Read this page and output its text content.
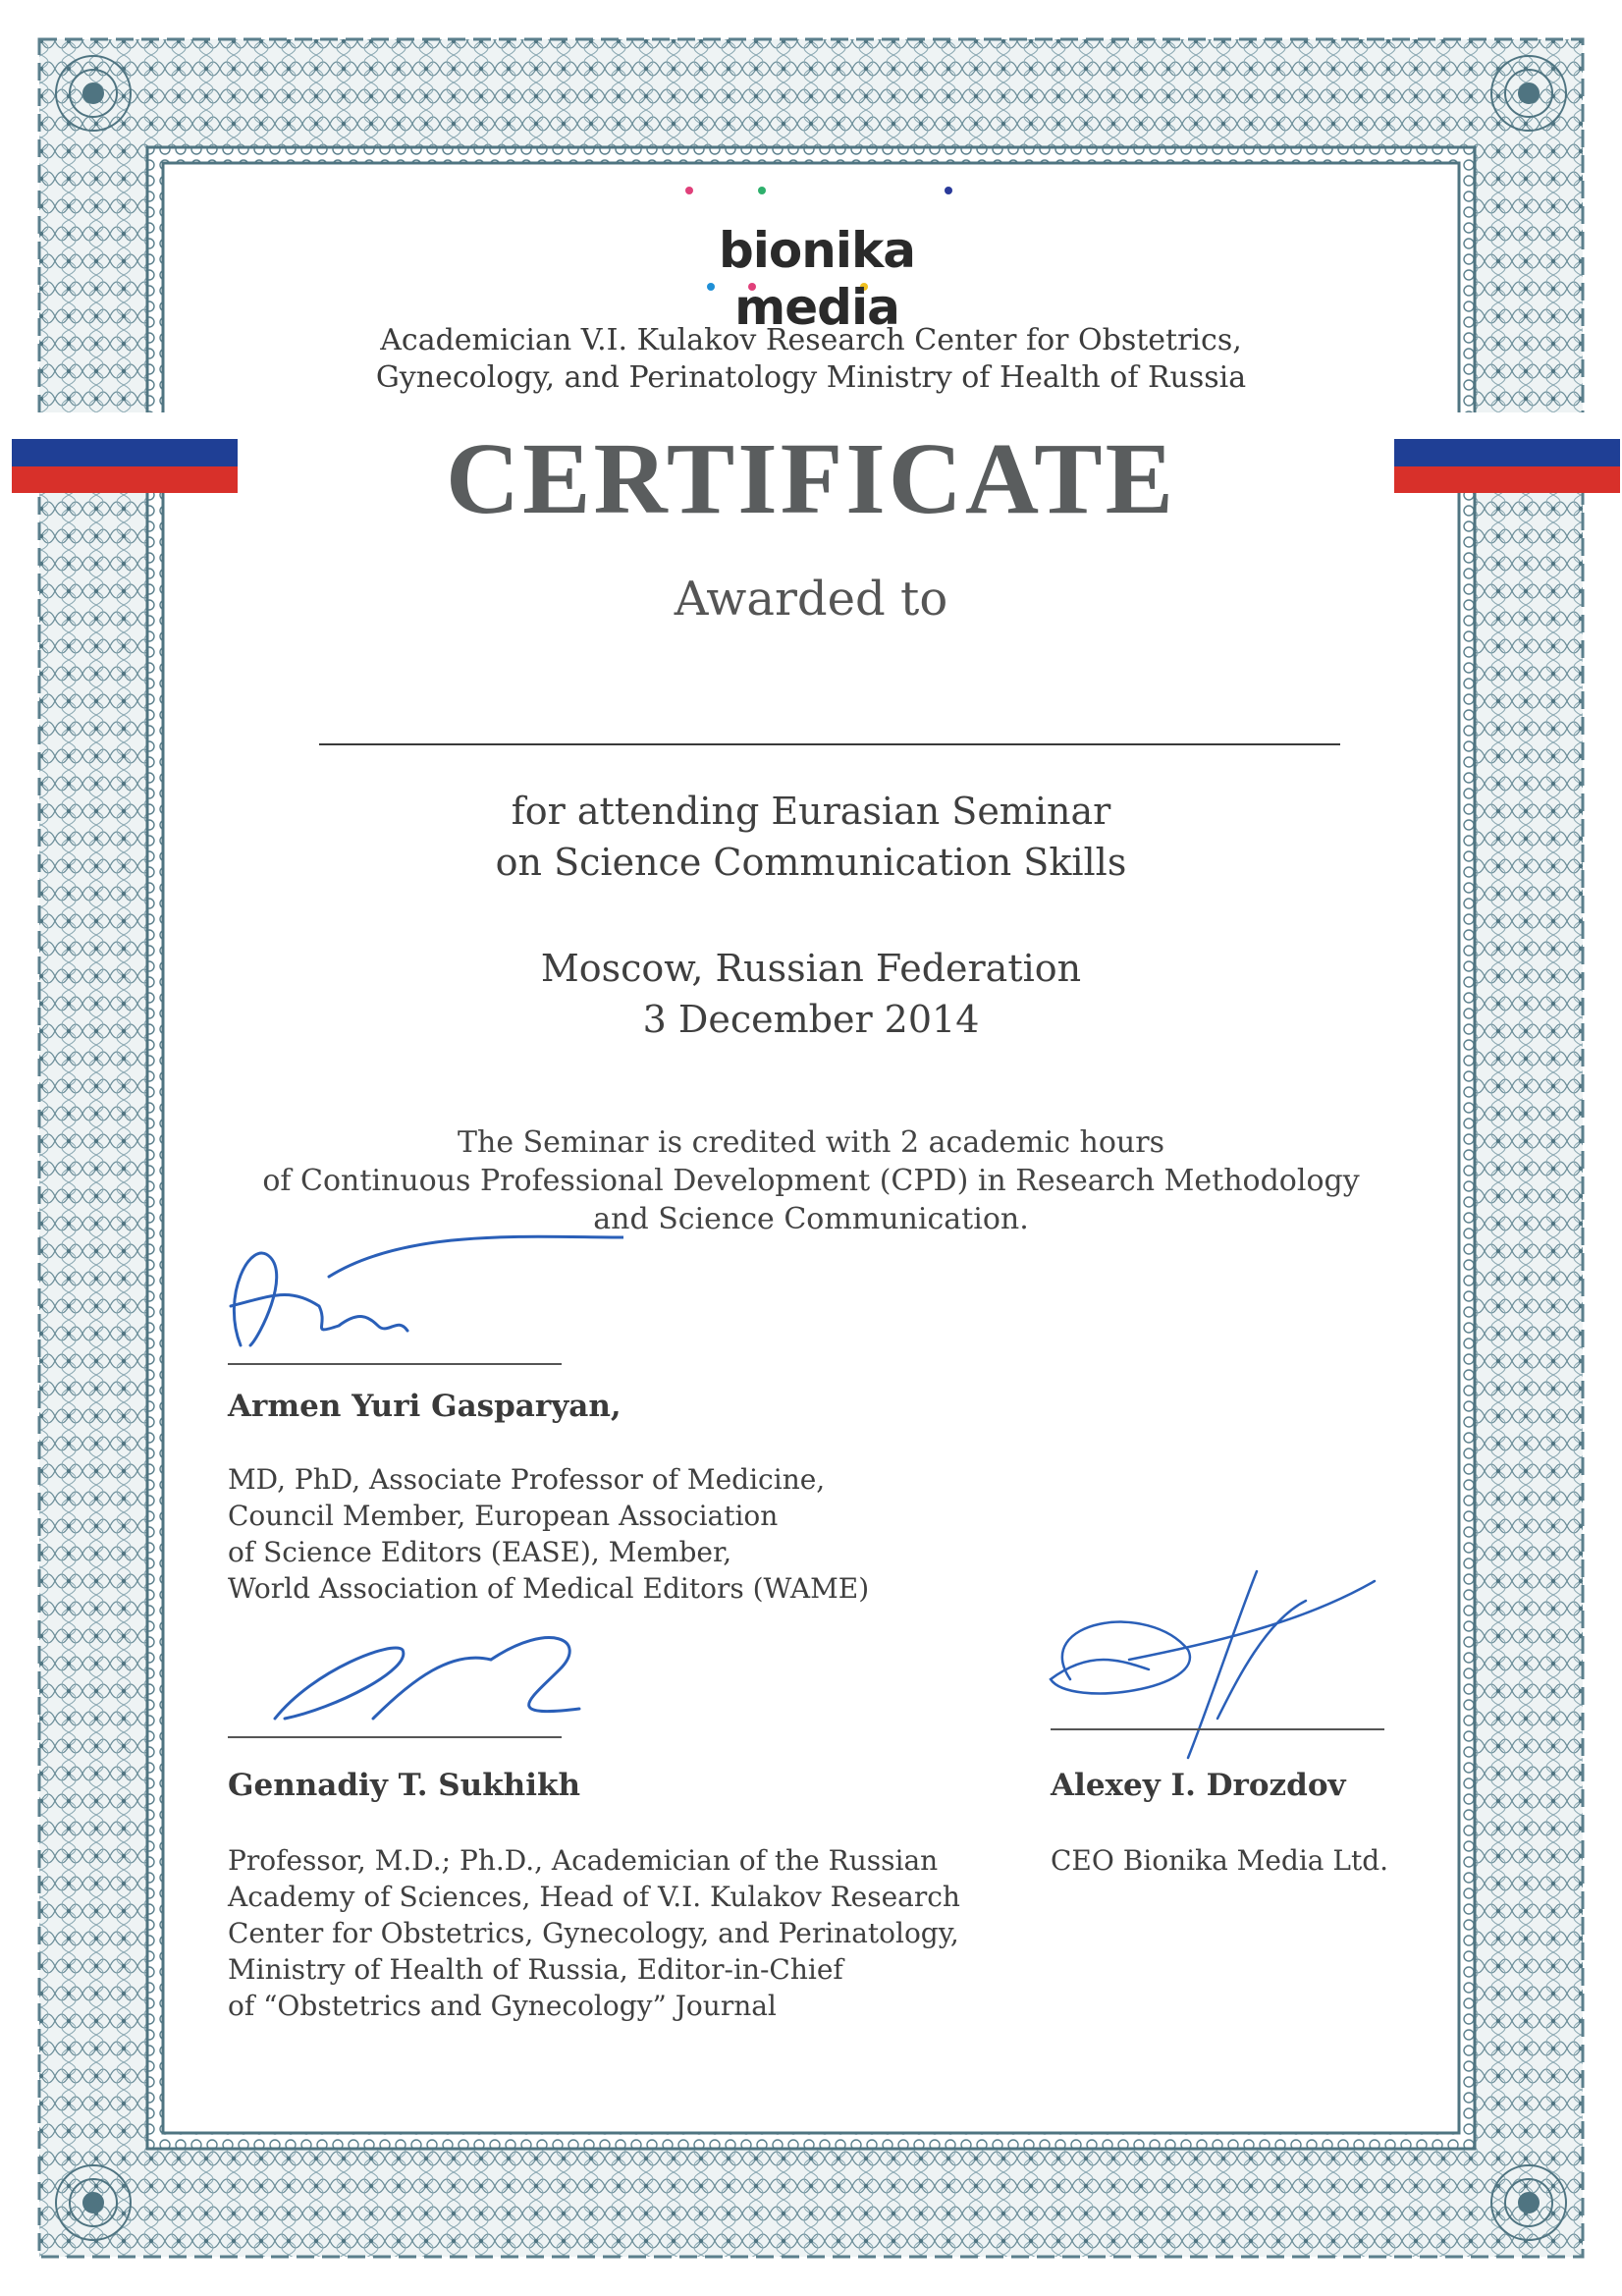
bionika media
Academician V.I. Kulakov Research Center for Obstetrics,
Gynecology, and Perinatology Ministry of Health of Russia
CERTIFICATE
Awarded to
for attending Eurasian Seminar
on Science Communication Skills
Moscow, Russian Federation
3 December 2014
The Seminar is credited with 2 academic hours
of Continuous Professional Development (CPD) in Research Methodology
and Science Communication.
Armen Yuri Gasparyan,
MD, PhD, Associate Professor of Medicine,
Council Member, European Association
of Science Editors (EASE), Member,
World Association of Medical Editors (WAME)
Gennadiy T. Sukhikh
Professor, M.D.; Ph.D., Academician of the Russian
Academy of Sciences, Head of V.I. Kulakov Research
Center for Obstetrics, Gynecology, and Perinatology,
Ministry of Health of Russia, Editor-in-Chief
of “Obstetrics and Gynecology” Journal
Alexey I. Drozdov
CEO Bionika Media Ltd.
